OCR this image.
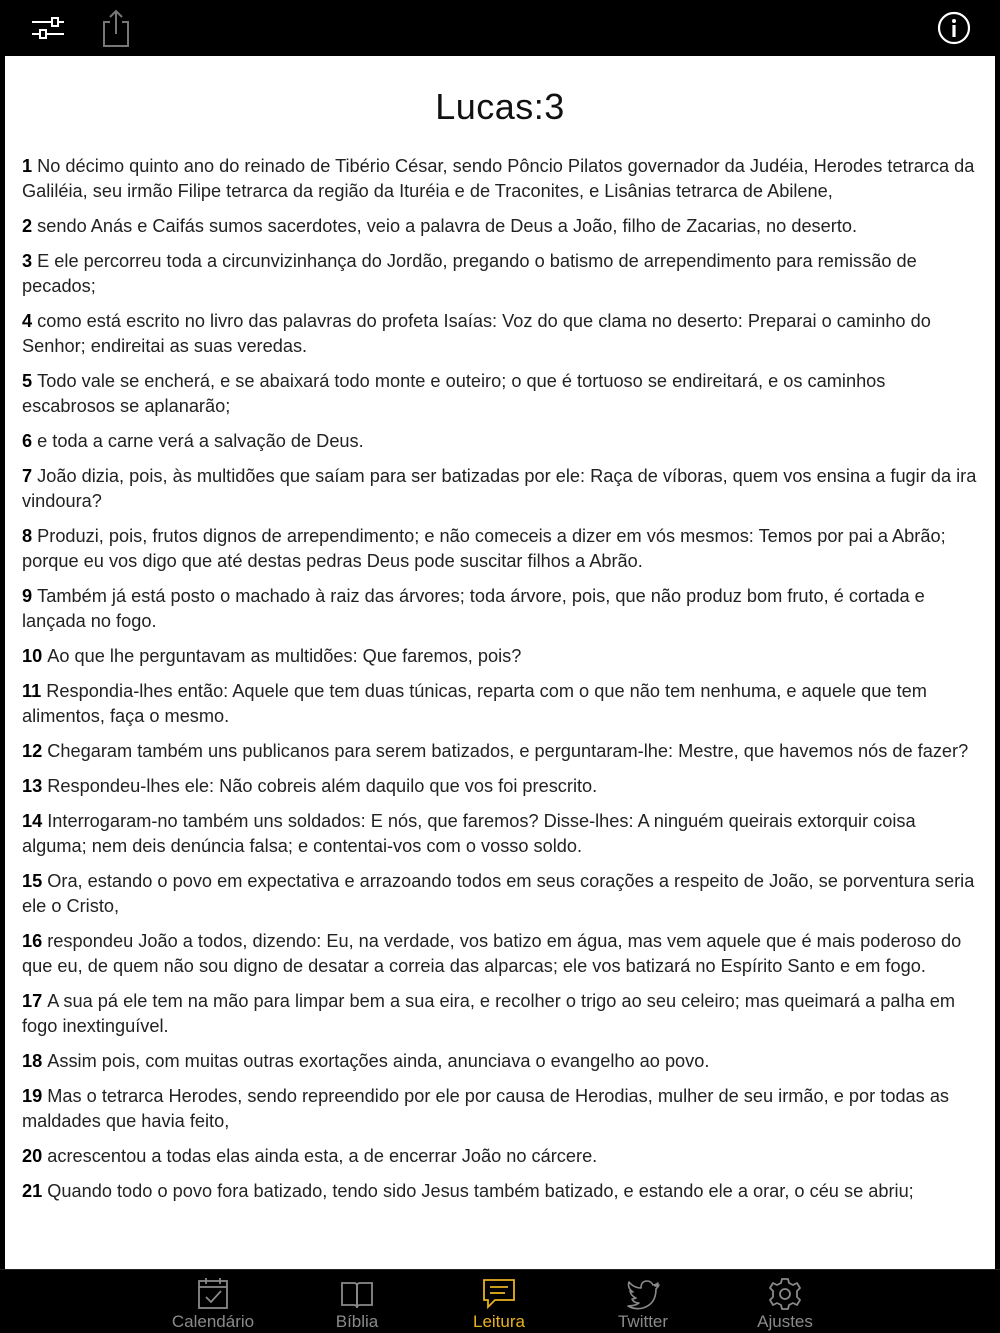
Lucas:3

1 No décimo quinto ano do reinado de Tibério César, sendo Pôncio Pilatos governador da Judéia, Herodes tetrarca da Galiléia, seu irmão Filipe tetrarca da região da Ituréia e de Traconites, e Lisânias tetrarca de Abilene,

2 sendo Anás e Caifás sumos sacerdotes, veio a palavra de Deus a João, filho de Zacarias, no deserto.

3 E ele percorreu toda a circunvizinhança do Jordão, pregando o batismo de arrependimento para remissão de pecados;

4 como está escrito no livro das palavras do profeta Isaías: Voz do que clama no deserto: Preparai o caminho do Senhor; endireitai as suas veredas.

5 Todo vale se encherá, e se abaixará todo monte e outeiro; o que é tortuoso se endireitará, e os caminhos escabrosos se aplanarão;

6 e toda a carne verá a salvação de Deus.

7 João dizia, pois, às multidões que saíam para ser batizadas por ele: Raça de víboras, quem vos ensina a fugir da ira vindoura?

8 Produzi, pois, frutos dignos de arrependimento; e não comeceis a dizer em vós mesmos: Temos por pai a Abrão; porque eu vos digo que até destas pedras Deus pode suscitar filhos a Abrão.

9 Também já está posto o machado à raiz das árvores; toda árvore, pois, que não produz bom fruto, é cortada e lançada no fogo.

10 Ao que lhe perguntavam as multidões: Que faremos, pois?

11 Respondia-lhes então: Aquele que tem duas túnicas, reparta com o que não tem nenhuma, e aquele que tem alimentos, faça o mesmo.

12 Chegaram também uns publicanos para serem batizados, e perguntaram-lhe: Mestre, que havemos nós de fazer?

13 Respondeu-lhes ele: Não cobreis além daquilo que vos foi prescrito.

14 Interrogaram-no também uns soldados: E nós, que faremos? Disse-lhes: A ninguém queirais extorquir coisa alguma; nem deis denúncia falsa; e contentai-vos com o vosso soldo.

15 Ora, estando o povo em expectativa e arrazoando todos em seus corações a respeito de João, se porventura seria ele o Cristo,

16 respondeu João a todos, dizendo: Eu, na verdade, vos batizo em água, mas vem aquele que é mais poderoso do que eu, de quem não sou digno de desatar a correia das alparcas; ele vos batizará no Espírito Santo e em fogo.

17 A sua pá ele tem na mão para limpar bem a sua eira, e recolher o trigo ao seu celeiro; mas queimará a palha em fogo inextinguível.

18 Assim pois, com muitas outras exortações ainda, anunciava o evangelho ao povo.

19 Mas o tetrarca Herodes, sendo repreendido por ele por causa de Herodias, mulher de seu irmão, e por todas as maldades que havia feito,

20 acrescentou a todas elas ainda esta, a de encerrar João no cárcere.

21 Quando todo o povo fora batizado, tendo sido Jesus também batizado, e estando ele a orar, o céu se abriu;

Calendário	Bíblia	Leitura	Twitter	Ajustes
